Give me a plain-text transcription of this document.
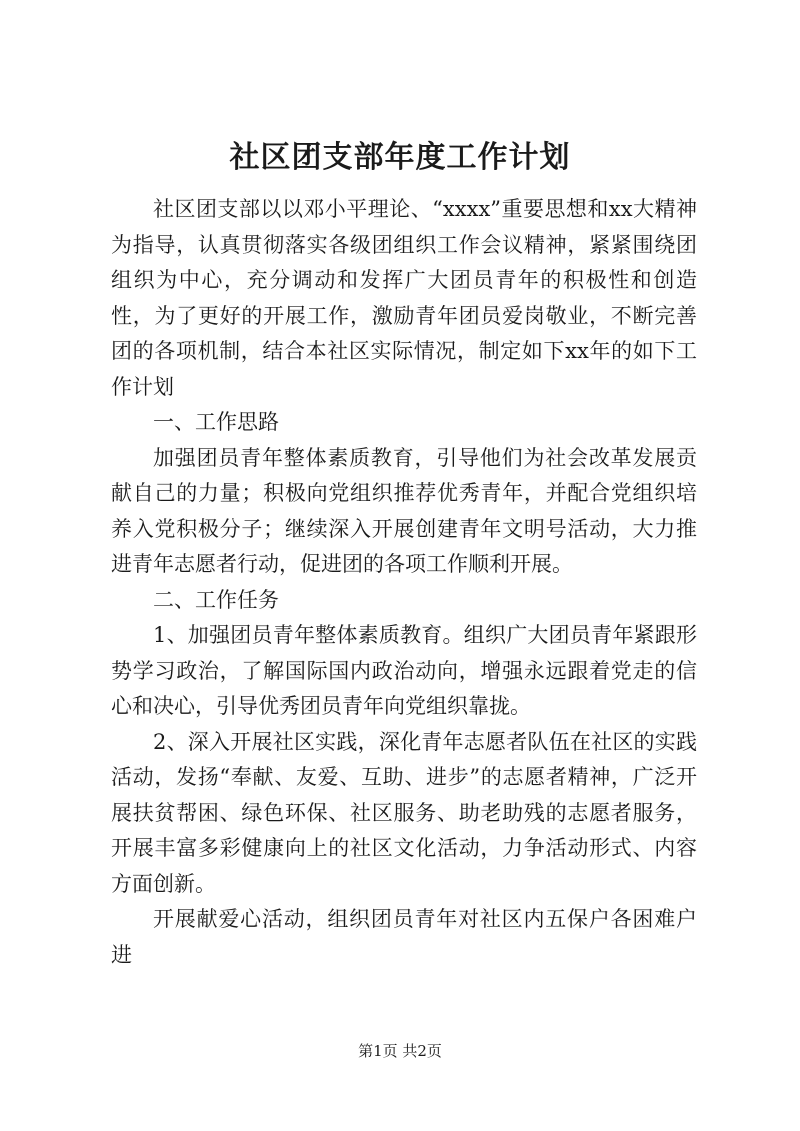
社区团支部年度工作计划

社区团支部以以邓小平理论、“xxxx”重要思想和xx大精神为指导，认真贯彻落实各级团组织工作会议精神，紧紧围绕团组织为中心，充分调动和发挥广大团员青年的积极性和创造性，为了更好的开展工作，激励青年团员爱岗敬业，不断完善团的各项机制，结合本社区实际情况，制定如下xx年的如下工作计划

一、工作思路

加强团员青年整体素质教育，引导他们为社会改革发展贡献自己的力量；积极向党组织推荐优秀青年，并配合党组织培养入党积极分子；继续深入开展创建青年文明号活动，大力推进青年志愿者行动，促进团的各项工作顺利开展。

二、工作任务

1、加强团员青年整体素质教育。组织广大团员青年紧跟形势学习政治，了解国际国内政治动向，增强永远跟着党走的信心和决心，引导优秀团员青年向党组织靠拢。

2、深入开展社区实践，深化青年志愿者队伍在社区的实践活动，发扬“奉献、友爱、互助、进步”的志愿者精神，广泛开展扶贫帮困、绿色环保、社区服务、助老助残的志愿者服务，开展丰富多彩健康向上的社区文化活动，力争活动形式、内容方面创新。

开展献爱心活动，组织团员青年对社区内五保户各困难户进

第1页 共2页
